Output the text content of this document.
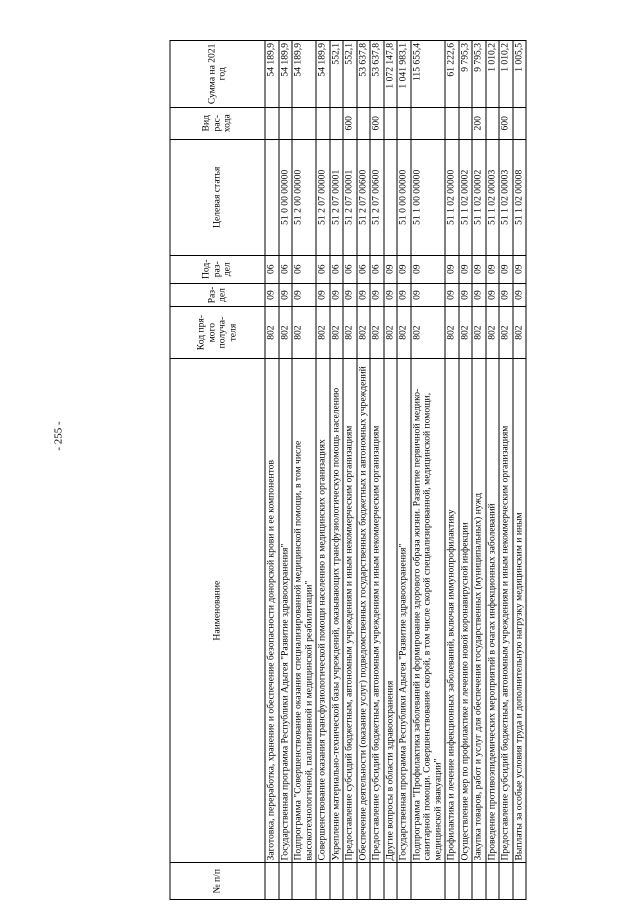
- 255 -
№ п/п	Наименование	Код пря- мого получа- теля	Раз- дел	Под- раз- дел	Целевая статья	Вид рас- хода	Сумма на 2021 год
	Заготовка, переработка, хранение и обеспечение безопасности донорской крови и ее компонентов	802	09	06			54 189,9
	Государственная программа Республики Адыгея "Развитие здравоохранения"	802	09	06	51 0 00 00000		54 189,9
	Подпрограмма "Совершенствование оказания специализированной медицинской помощи, в том числе высокотехнологичной, паллиативной и медицинской реабилитации"	802	09	06	51 2 00 00000		54 189,9
	Совершенствование оказания трансфузиологической помощи населению в медицинских организациях	802	09	06	51 2 07 00000		54 189,9
	Укрепление материально-технической базы учреждений, оказывающих трансфузиологическую помощь населению	802	09	06	51 2 07 00001		552,1
	Предоставление субсидий бюджетным, автономным учреждениям и иным некоммерческим организациям	802	09	06	51 2 07 00001	600	552,1
	Обеспечение деятельности (оказание услуг) подведомственных государственных бюджетных и автономных учреждений	802	09	06	51 2 07 00600		53 637,8
	Предоставление субсидий бюджетным, автономным учреждениям и иным некоммерческим организациям	802	09	06	51 2 07 00600	600	53 637,8
	Другие вопросы в области здравоохранения	802	09	09			1 072 147,8
	Государственная программа Республики Адыгея "Развитие здравоохранения"	802	09	09	51 0 00 00000		1 041 983,1
	Подпрограмма "Профилактика заболеваний и формирование здорового образа жизни. Развитие первичной медико-санитарной помощи. Совершенствование скорой, в том числе скорой специализированной, медицинской помощи, медицинской эвакуации"	802	09	09	51 1 00 00000		115 655,4
	Профилактика и лечение инфекционных заболеваний, включая иммунопрофилактику	802	09	09	51 1 02 00000		61 222,6
	Осуществление мер по профилактике и лечению новой коронавирусной инфекции	802	09	09	51 1 02 00002		9 795,3
	Закупка товаров, работ и услуг для обеспечения государственных (муниципальных) нужд	802	09	09	51 1 02 00002	200	9 795,3
	Проведение противоэпидемических мероприятий в очагах инфекционных заболеваний	802	09	09	51 1 02 00003		1 010,2
	Предоставление субсидий бюджетным, автономным учреждениям и иным некоммерческим организациям	802	09	09	51 1 02 00003	600	1 010,2
	Выплаты за особые условия труда и дополнительную нагрузку медицинским и иным	802	09	09	51 1 02 00008		1 005,5
